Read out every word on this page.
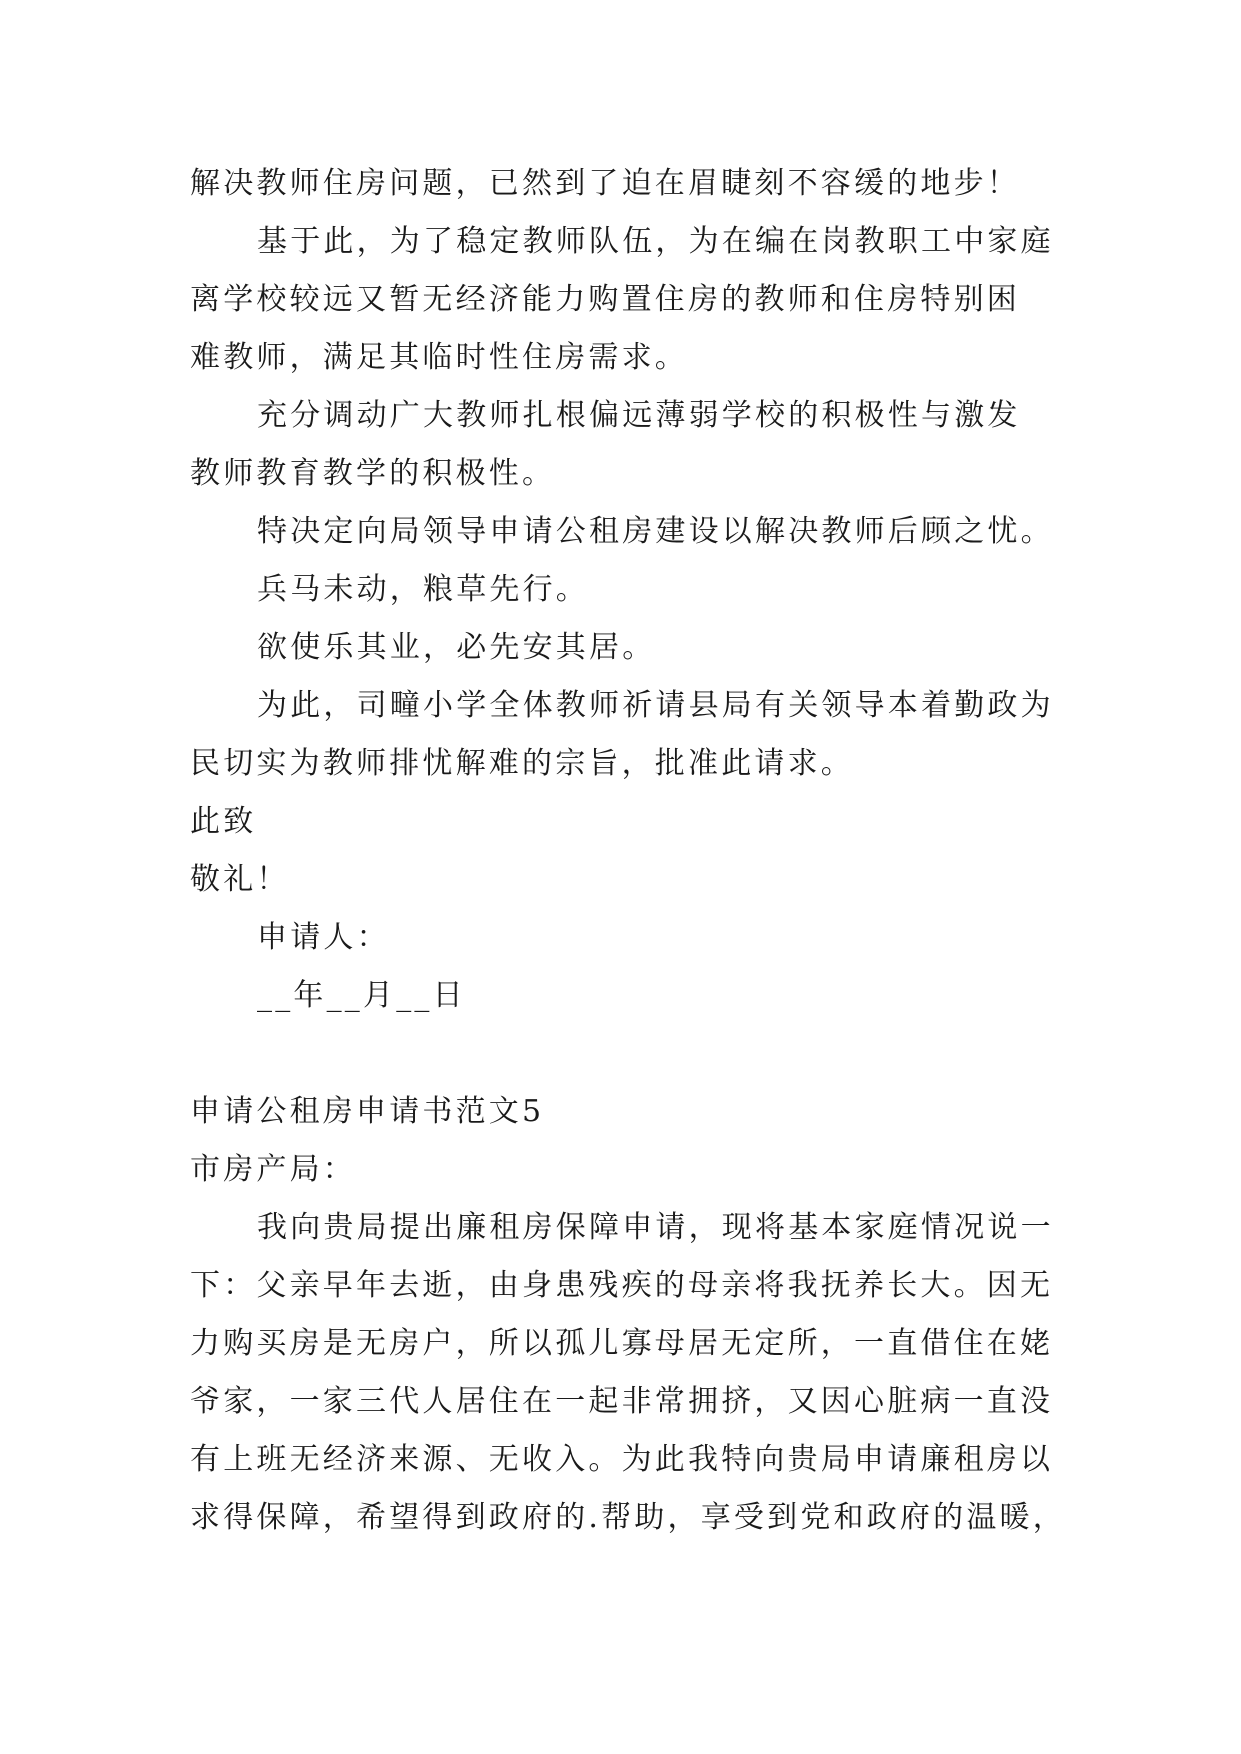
解决教师住房问题，已然到了迫在眉睫刻不容缓的地步！
基于此，为了稳定教师队伍，为在编在岗教职工中家庭
离学校较远又暂无经济能力购置住房的教师和住房特别困
难教师，满足其临时性住房需求。
充分调动广大教师扎根偏远薄弱学校的积极性与激发
教师教育教学的积极性。
特决定向局领导申请公租房建设以解决教师后顾之忧。
兵马未动，粮草先行。
欲使乐其业，必先安其居。
为此，司疃小学全体教师祈请县局有关领导本着勤政为
民切实为教师排忧解难的宗旨，批准此请求。
此致
敬礼！
申请人：
__年__月__日
申请公租房申请书范文5
市房产局：
我向贵局提出廉租房保障申请，现将基本家庭情况说一
下：父亲早年去逝，由身患残疾的母亲将我抚养长大。因无
力购买房是无房户，所以孤儿寡母居无定所，一直借住在姥
爷家，一家三代人居住在一起非常拥挤，又因心脏病一直没
有上班无经济来源、无收入。为此我特向贵局申请廉租房以
求得保障，希望得到政府的.帮助，享受到党和政府的温暖，
